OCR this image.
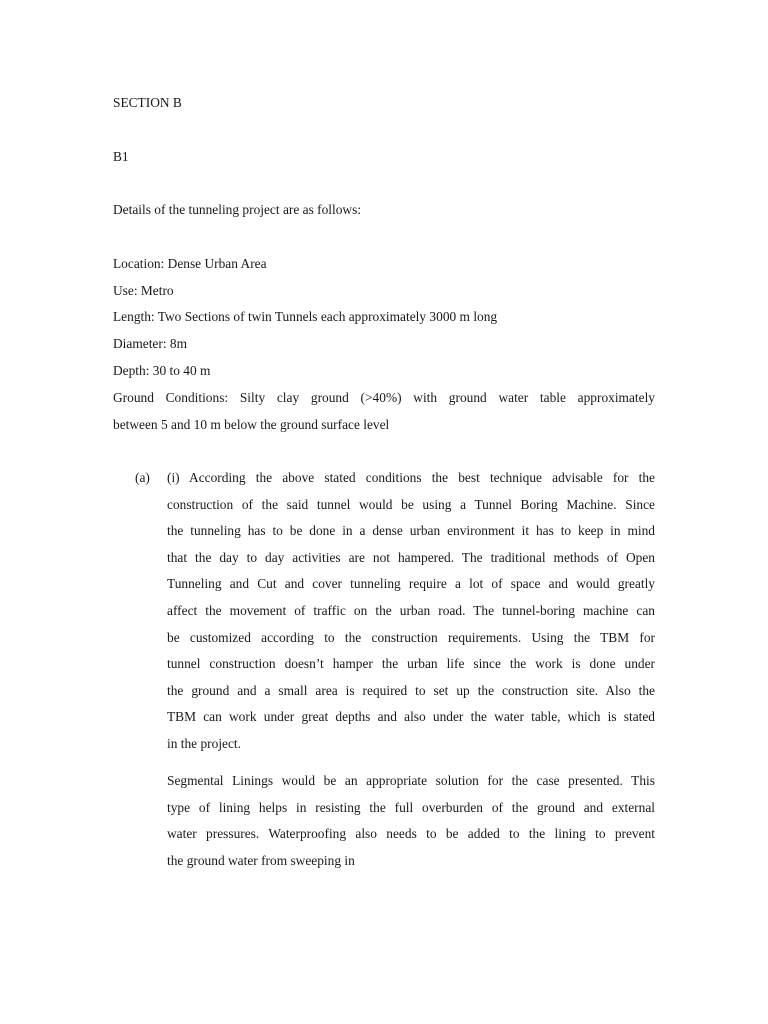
SECTION B
B1
Details of the tunneling project are as follows:
Location: Dense Urban Area
Use: Metro
Length: Two Sections of twin Tunnels each approximately 3000 m long
Diameter: 8m
Depth: 30 to 40 m
Ground Conditions: Silty clay ground (>40%) with ground water table approximately
between 5 and 10 m below the ground surface level
(a) (i) According the above stated conditions the best technique advisable for the
construction of the said tunnel would be using a Tunnel Boring Machine. Since
the tunneling has to be done in a dense urban environment it has to keep in mind
that the day to day activities are not hampered. The traditional methods of Open
Tunneling and Cut and cover tunneling require a lot of space and would greatly
affect the movement of traffic on the urban road. The tunnel-boring machine can
be customized according to the construction requirements. Using the TBM for
tunnel construction doesn’t hamper the urban life since the work is done under
the ground and a small area is required to set up the construction site. Also the
TBM can work under great depths and also under the water table, which is stated
in the project.
Segmental Linings would be an appropriate solution for the case presented. This
type of lining helps in resisting the full overburden of the ground and external
water pressures. Waterproofing also needs to be added to the lining to prevent
the ground water from sweeping in
